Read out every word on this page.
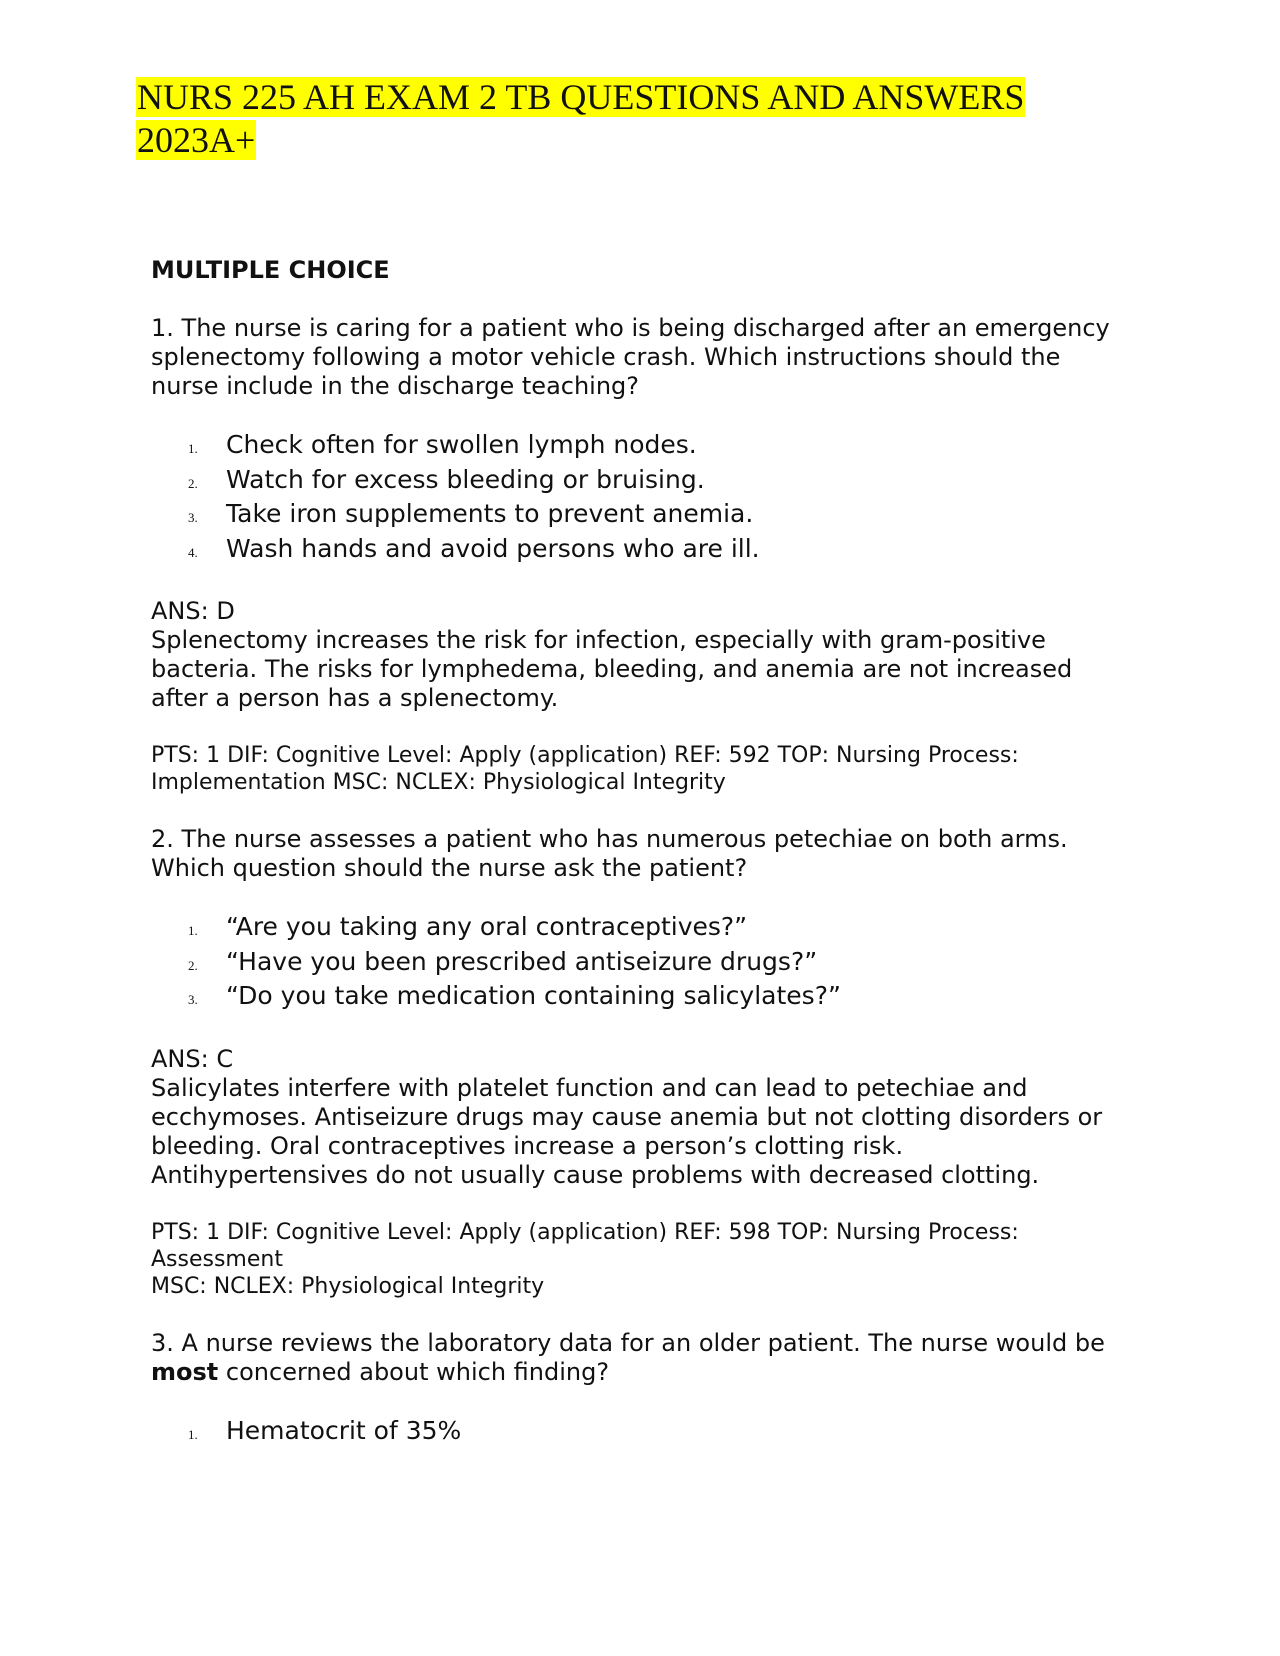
NURS 225 AH EXAM 2 TB QUESTIONS AND ANSWERS
2023A+

MULTIPLE CHOICE

1. The nurse is caring for a patient who is being discharged after an emergency splenectomy following a motor vehicle crash. Which instructions should the nurse include in the discharge teaching?

1.	Check often for swollen lymph nodes.
2.	Watch for excess bleeding or bruising.
3.	Take iron supplements to prevent anemia.
4.	Wash hands and avoid persons who are ill.

ANS: D

Splenectomy increases the risk for infection, especially with gram-positive bacteria. The risks for lymphedema, bleeding, and anemia are not increased after a person has a splenectomy.

PTS: 1 DIF: Cognitive Level: Apply (application) REF: 592 TOP: Nursing Process: Implementation MSC: NCLEX: Physiological Integrity

2. The nurse assesses a patient who has numerous petechiae on both arms. Which question should the nurse ask the patient?

1.	“Are you taking any oral contraceptives?”
2.	“Have you been prescribed antiseizure drugs?”
3.	“Do you take medication containing salicylates?”

ANS: C

Salicylates interfere with platelet function and can lead to petechiae and ecchymoses. Antiseizure drugs may cause anemia but not clotting disorders or bleeding. Oral contraceptives increase a person’s clotting risk.

Antihypertensives do not usually cause problems with decreased clotting.

PTS: 1 DIF: Cognitive Level: Apply (application) REF: 598 TOP: Nursing Process: Assessment

MSC: NCLEX: Physiological Integrity

3. A nurse reviews the laboratory data for an older patient. The nurse would be most concerned about which finding?

1.	Hematocrit of 35%
